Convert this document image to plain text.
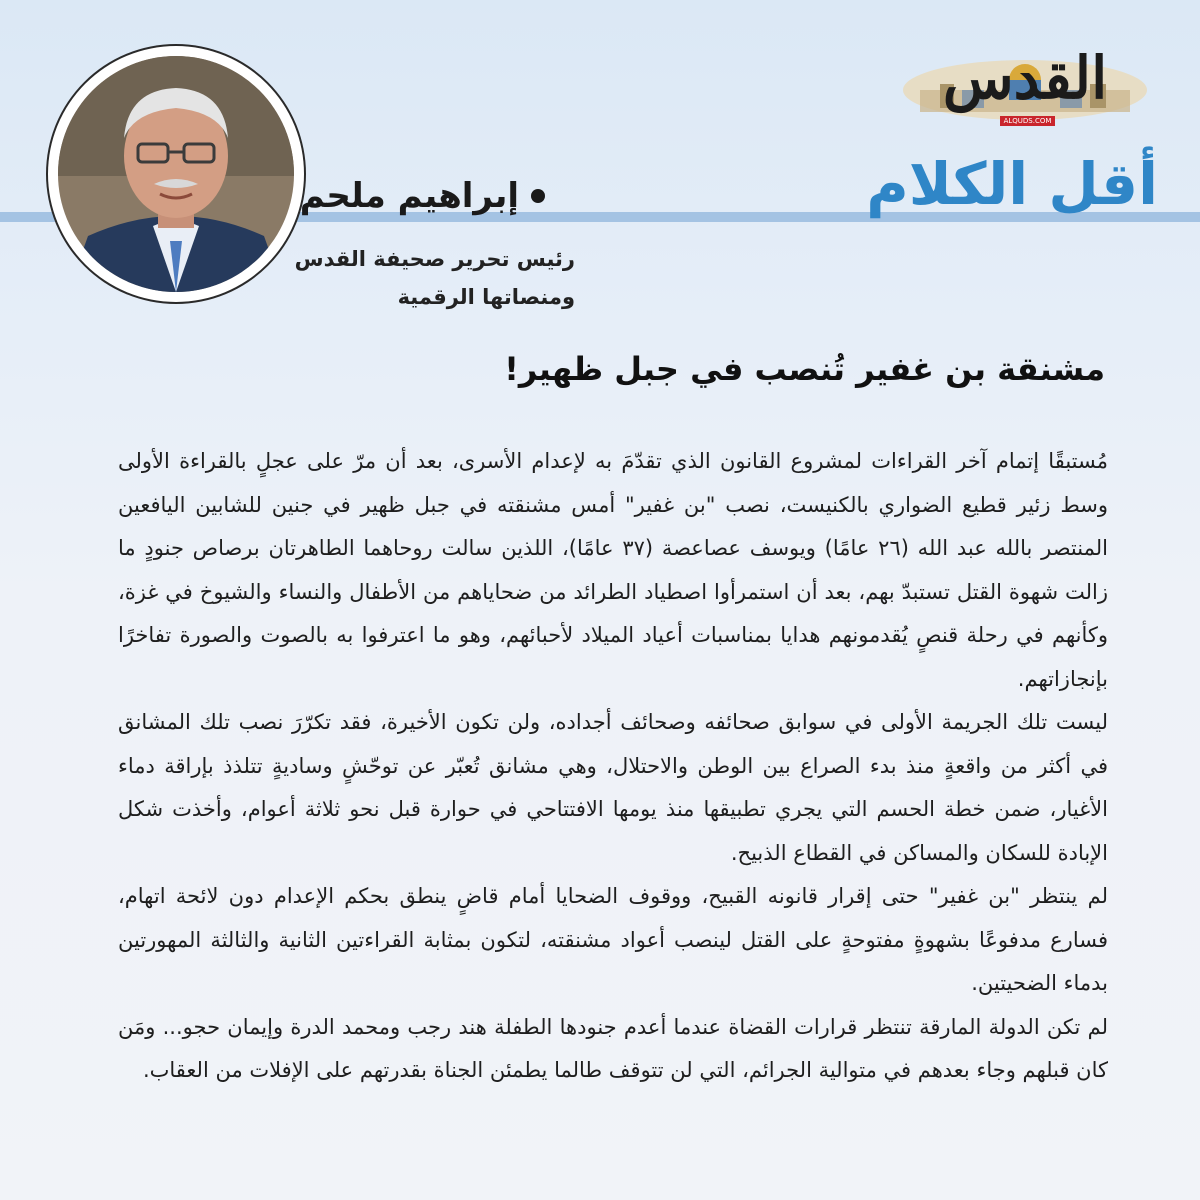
القدس
ALQUDS.COM
أقل الكلام
إبراهيم ملحم
رئيس تحرير صحيفة القدس
ومنصاتها الرقمية
مشنقة بن غفير تُنصب في جبل ظهير!

مُستبقًا إتمام آخر القراءات لمشروع القانون الذي تقدّمَ به لإعدام الأسرى، بعد أن مرّ على عجلٍ بالقراءة الأولى وسط زئير قطيع الضواري بالكنيست، نصب "بن غفير" أمس مشنقته في جبل ظهير في جنين للشابين اليافعين المنتصر بالله عبد الله (٢٦ عامًا) ويوسف عصاعصة (٣٧ عامًا)، اللذين سالت روحاهما الطاهرتان برصاص جنودٍ ما زالت شهوة القتل تستبدّ بهم، بعد أن استمرأوا اصطياد الطرائد من ضحاياهم من الأطفال والنساء والشيوخ في غزة، وكأنهم في رحلة قنصٍ يُقدمونهم هدايا بمناسبات أعياد الميلاد لأحبائهم، وهو ما اعترفوا به بالصوت والصورة تفاخرًا بإنجازاتهم.

ليست تلك الجريمة الأولى في سوابق صحائفه وصحائف أجداده، ولن تكون الأخيرة، فقد تكرّرَ نصب تلك المشانق في أكثر من واقعةٍ منذ بدء الصراع بين الوطن والاحتلال، وهي مشانق تُعبّر عن توحّشٍ وساديةٍ تتلذذ بإراقة دماء الأغيار، ضمن خطة الحسم التي يجري تطبيقها منذ يومها الافتتاحي في حوارة قبل نحو ثلاثة أعوام، وأخذت شكل الإبادة للسكان والمساكن في القطاع الذبيح.

لم ينتظر "بن غفير" حتى إقرار قانونه القبيح، ووقوف الضحايا أمام قاضٍ ينطق بحكم الإعدام دون لائحة اتهام، فسارع مدفوعًا بشهوةٍ مفتوحةٍ على القتل لينصب أعواد مشنقته، لتكون بمثابة القراءتين الثانية والثالثة المهورتين بدماء الضحيتين.

لم تكن الدولة المارقة تنتظر قرارات القضاة عندما أعدم جنودها الطفلة هند رجب ومحمد الدرة وإيمان حجو... ومَن كان قبلهم وجاء بعدهم في متوالية الجرائم، التي لن تتوقف طالما يطمئن الجناة بقدرتهم على الإفلات من العقاب.
